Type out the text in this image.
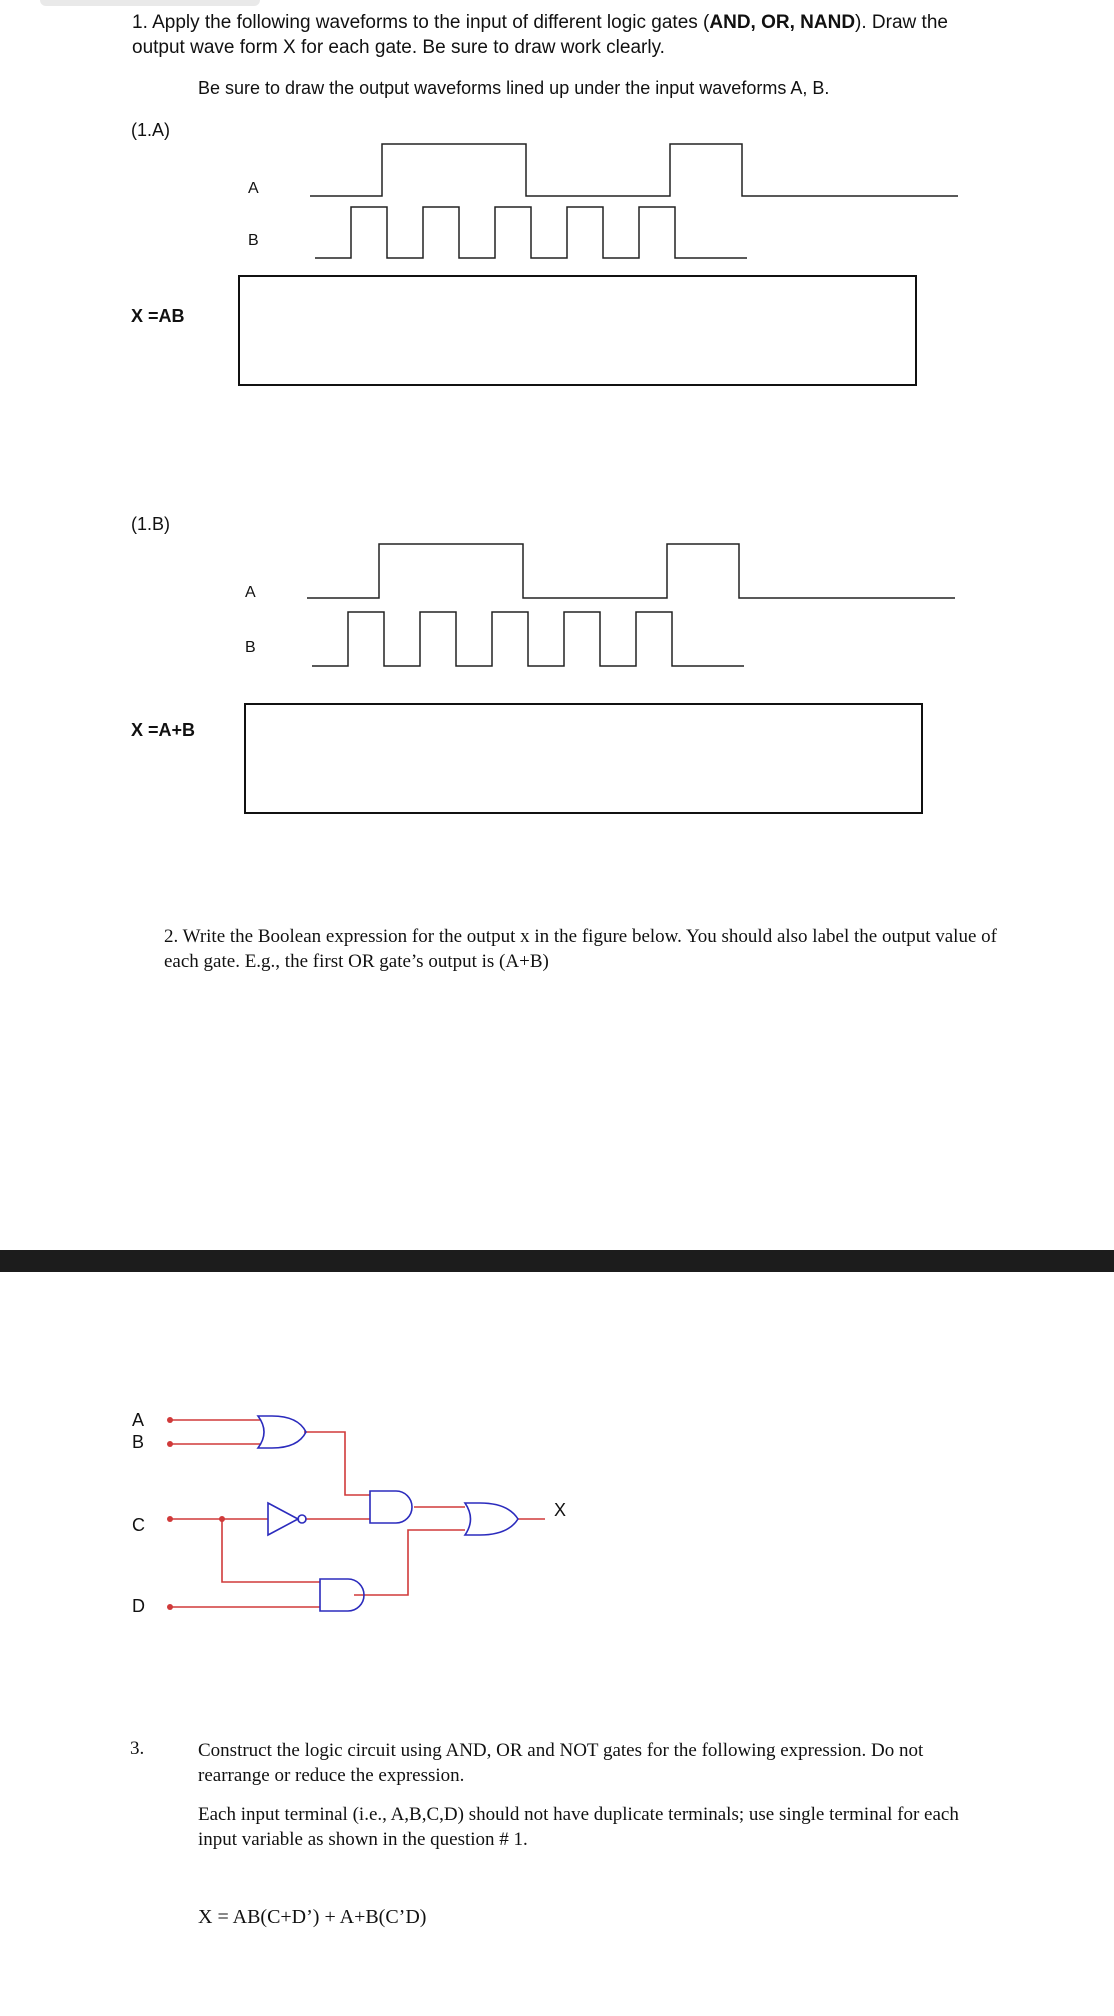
1. Apply the following waveforms to the input of different logic gates (AND, OR, NAND). Draw the output wave form X for each gate. Be sure to draw work clearly.

Be sure to draw the output waveforms lined up under the input waveforms A, B.

(1.A)
A
B
X =AB
(1.B)
A
B
X =A+B

2. Write the Boolean expression for the output x in the figure below. You should also label the output value of each gate. E.g., the first OR gate’s output is (A+B)

A
B
C
D
X
3.	Construct the logic circuit using AND, OR and NOT gates for the following expression. Do not rearrange or reduce the expression.

Each input terminal (i.e., A,B,C,D) should not have duplicate terminals; use single terminal for each input variable as shown in the question # 1.

X = AB(C+D’) + A+B(C’D)
